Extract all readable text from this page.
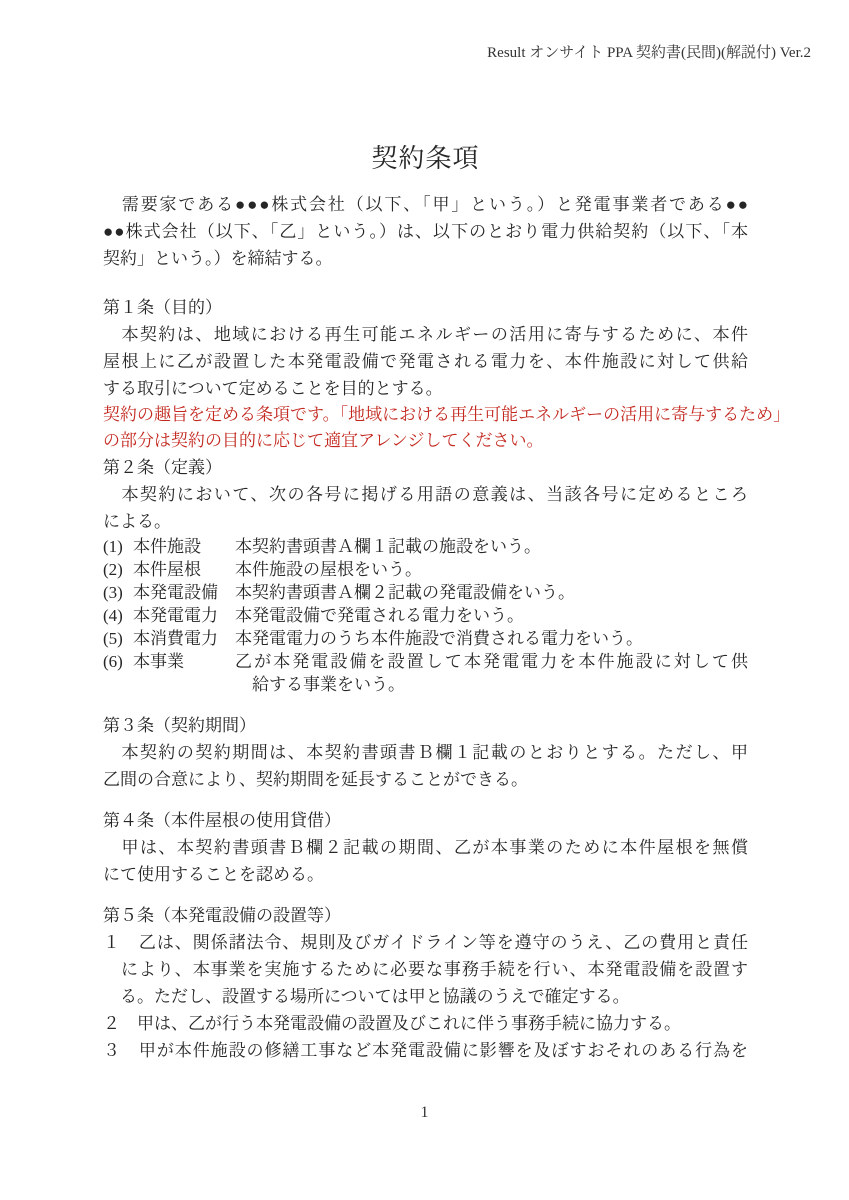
Result オンサイト PPA 契約書(民間)(解説付) Ver.2
契約条項
　需要家である●●●株式会社（以下、「甲」という。）と発電事業者である●●
●●株式会社（以下、「乙」という。）は、以下のとおり電力供給契約（以下、「本
契約」という。）を締結する。
第１条（目的）
　本契約は、地域における再生可能エネルギーの活用に寄与するために、本件
屋根上に乙が設置した本発電設備で発電される電力を、本件施設に対して供給
する取引について定めることを目的とする。
契約の趣旨を定める条項です。「地域における再生可能エネルギーの活用に寄与するため」
の部分は契約の目的に応じて適宜アレンジしてください。
第２条（定義）
　本契約において、次の各号に掲げる用語の意義は、当該各号に定めるところ
による。
(1) 本件施設	本契約書頭書Ａ欄１記載の施設をいう。
(2) 本件屋根	本件施設の屋根をいう。
(3) 本発電設備	本契約書頭書Ａ欄２記載の発電設備をいう。
(4) 本発電電力	本発電設備で発電される電力をいう。
(5) 本消費電力	本発電電力のうち本件施設で消費される電力をいう。
(6) 本事業	乙が本発電設備を設置して本発電電力を本件施設に対して供
　給する事業をいう。
第３条（契約期間）
　本契約の契約期間は、本契約書頭書Ｂ欄１記載のとおりとする。ただし、甲
乙間の合意により、契約期間を延長することができる。
第４条（本件屋根の使用貸借）
　甲は、本契約書頭書Ｂ欄２記載の期間、乙が本事業のために本件屋根を無償
にて使用することを認める。
第５条（本発電設備の設置等）
１　乙は、関係諸法令、規則及びガイドライン等を遵守のうえ、乙の費用と責任
　により、本事業を実施するために必要な事務手続を行い、本発電設備を設置す
　る。ただし、設置する場所については甲と協議のうえで確定する。
２　甲は、乙が行う本発電設備の設置及びこれに伴う事務手続に協力する。
３　甲が本件施設の修繕工事など本発電設備に影響を及ぼすおそれのある行為を
1
